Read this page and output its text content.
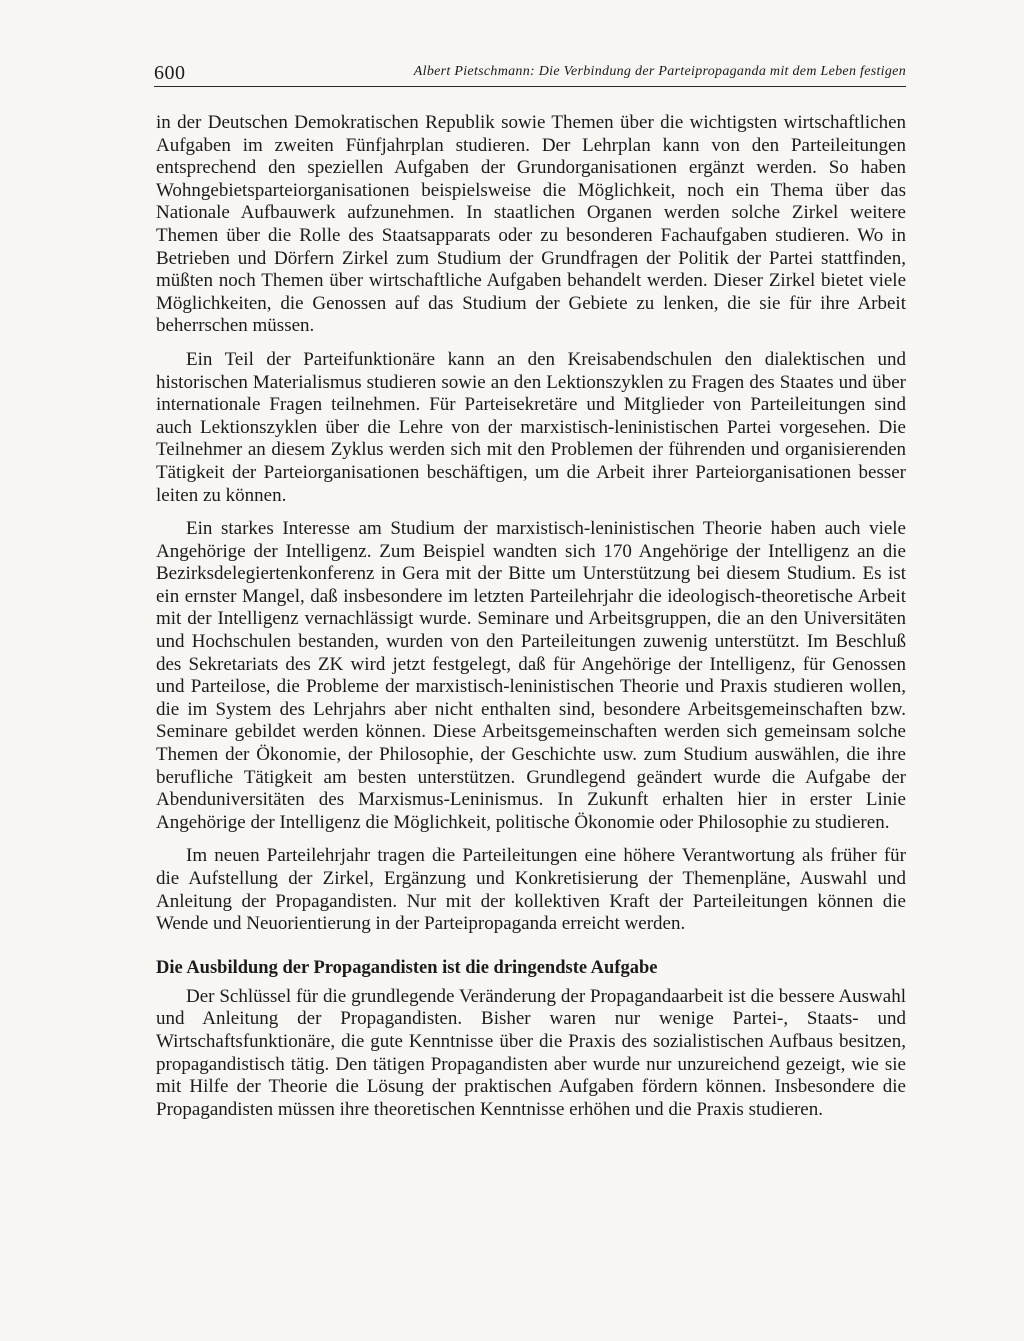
600	Albert Pietschmann: Die Verbindung der Parteipropaganda mit dem Leben festigen

in der Deutschen Demokratischen Republik sowie Themen über die wichtigsten wirtschaftlichen Aufgaben im zweiten Fünfjahrplan studieren. Der Lehrplan kann von den Parteileitungen entsprechend den speziellen Aufgaben der Grundorganisationen ergänzt werden. So haben Wohngebietsparteiorganisationen beispielsweise die Möglichkeit, noch ein Thema über das Nationale Aufbauwerk aufzunehmen. In staatlichen Organen werden solche Zirkel weitere Themen über die Rolle des Staatsapparats oder zu besonderen Fachaufgaben studieren. Wo in Betrieben und Dörfern Zirkel zum Studium der Grundfragen der Politik der Partei stattfinden, müßten noch Themen über wirtschaftliche Aufgaben behandelt werden. Dieser Zirkel bietet viele Möglichkeiten, die Genossen auf das Studium der Gebiete zu lenken, die sie für ihre Arbeit beherrschen müssen.

Ein Teil der Parteifunktionäre kann an den Kreisabendschulen den dialektischen und historischen Materialismus studieren sowie an den Lektionszyklen zu Fragen des Staates und über internationale Fragen teilnehmen. Für Parteisekretäre und Mitglieder von Parteileitungen sind auch Lektionszyklen über die Lehre von der marxistisch-leninistischen Partei vorgesehen. Die Teilnehmer an diesem Zyklus werden sich mit den Problemen der führenden und organisierenden Tätigkeit der Parteiorganisationen beschäftigen, um die Arbeit ihrer Parteiorganisationen besser leiten zu können.

Ein starkes Interesse am Studium der marxistisch-leninistischen Theorie haben auch viele Angehörige der Intelligenz. Zum Beispiel wandten sich 170 Angehörige der Intelligenz an die Bezirksdelegiertenkonferenz in Gera mit der Bitte um Unterstützung bei diesem Studium. Es ist ein ernster Mangel, daß insbesondere im letzten Parteilehrjahr die ideologisch-theoretische Arbeit mit der Intelligenz vernachlässigt wurde. Seminare und Arbeitsgruppen, die an den Universitäten und Hochschulen bestanden, wurden von den Parteileitungen zuwenig unterstützt. Im Beschluß des Sekretariats des ZK wird jetzt festgelegt, daß für Angehörige der Intelligenz, für Genossen und Parteilose, die Probleme der marxistisch-leninistischen Theorie und Praxis studieren wollen, die im System des Lehrjahrs aber nicht enthalten sind, besondere Arbeitsgemeinschaften bzw. Seminare gebildet werden können. Diese Arbeitsgemeinschaften werden sich gemeinsam solche Themen der Ökonomie, der Philosophie, der Geschichte usw. zum Studium auswählen, die ihre berufliche Tätigkeit am besten unterstützen. Grundlegend geändert wurde die Aufgabe der Abenduniversitäten des Marxismus-Leninismus. In Zukunft erhalten hier in erster Linie Angehörige der Intelligenz die Möglichkeit, politische Ökonomie oder Philosophie zu studieren.

Im neuen Parteilehrjahr tragen die Parteileitungen eine höhere Verantwortung als früher für die Aufstellung der Zirkel, Ergänzung und Konkretisierung der Themenpläne, Auswahl und Anleitung der Propagandisten. Nur mit der kollektiven Kraft der Parteileitungen können die Wende und Neuorientierung in der Parteipropaganda erreicht werden.

Die Ausbildung der Propagandisten ist die dringendste Aufgabe

Der Schlüssel für die grundlegende Veränderung der Propagandaarbeit ist die bessere Auswahl und Anleitung der Propagandisten. Bisher waren nur wenige Partei-, Staats- und Wirtschaftsfunktionäre, die gute Kenntnisse über die Praxis des sozialistischen Aufbaus besitzen, propagandistisch tätig. Den tätigen Propagandisten aber wurde nur unzureichend gezeigt, wie sie mit Hilfe der Theorie die Lösung der praktischen Aufgaben fördern können. Insbesondere die Propagandisten müssen ihre theoretischen Kenntnisse erhöhen und die Praxis studieren.
